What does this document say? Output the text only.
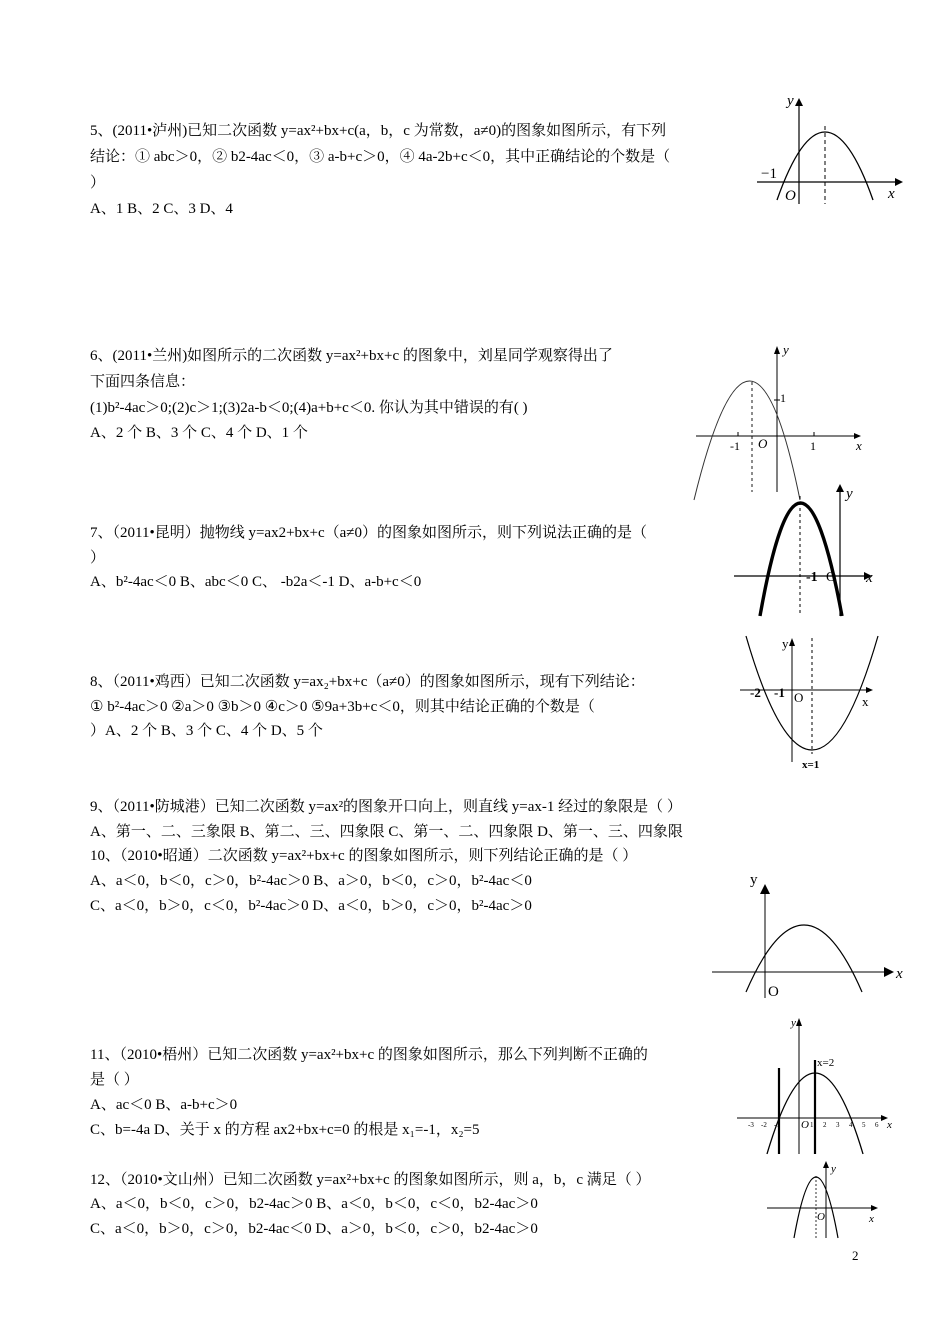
5、(2011•泸州)已知二次函数 y=ax²+bx+c(a，b，c 为常数，a≠0)的图象如图所示，有下列
结论：① abc＞0，② b2-4ac＜0，③ a-b+c＞0，④ 4a-2b+c＜0，其中正确结论的个数是（
）
A、1 B、2 C、3 D、4
6、(2011•兰州)如图所示的二次函数 y=ax²+bx+c 的图象中，刘星同学观察得出了
下面四条信息：
(1)b²-4ac＞0;(2)c＞1;(3)2a-b＜0;(4)a+b+c＜0. 你认为其中错误的有( )
A、2 个 B、3 个 C、4 个 D、1 个
7、（2011•昆明）抛物线 y=ax2+bx+c（a≠0）的图象如图所示，则下列说法正确的是（
）
A、b²-4ac＜0 B、abc＜0 C、 -b2a＜-1 D、a-b+c＜0
8、（2011•鸡西）已知二次函数 y=ax₂+bx+c（a≠0）的图象如图所示，现有下列结论：
① b²-4ac＞0 ②a＞0 ③b＞0 ④c＞0 ⑤9a+3b+c＜0，则其中结论正确的个数是（
）A、2 个 B、3 个 C、4 个 D、5 个
9、（2011•防城港）已知二次函数 y=ax²的图象开口向上，则直线 y=ax-1 经过的象限是（ ）
A、第一、二、三象限 B、第二、三、四象限 C、第一、二、四象限 D、第一、三、四象限
10、（2010•昭通）二次函数 y=ax²+bx+c 的图象如图所示，则下列结论正确的是（ ）
A、a＜0，b＜0，c＞0，b²-4ac＞0 B、a＞0，b＜0，c＞0，b²-4ac＜0
C、a＜0，b＞0，c＜0，b²-4ac＞0 D、a＜0，b＞0，c＞0，b²-4ac＞0
11、（2010•梧州）已知二次函数 y=ax²+bx+c 的图象如图所示，那么下列判断不正确的
是（ ）
A、ac＜0 B、a-b+c＞0
C、b=-4a D、关于 x 的方程 ax2+bx+c=0 的根是 x₁=-1，x₂=5
12、（2010•文山州）已知二次函数 y=ax²+bx+c 的图象如图所示，则 a，b，c 满足（ ）
A、a＜0，b＜0，c＞0，b2-4ac＞0 B、a＜0，b＜0，c＜0，b2-4ac＞0
C、a＜0，b＞0，c＞0，b2-4ac＜0 D、a＞0，b＜0，c＞0，b2-4ac＞0
y
x
O
−1
y
x
1
-1 O	1
y
x
-1 O
y
x
-2 -1 O
x=1
y
x
O
y
x
x=2
O
-3 -2 -1	1 2 3 4 5 6
y
x
O
2
